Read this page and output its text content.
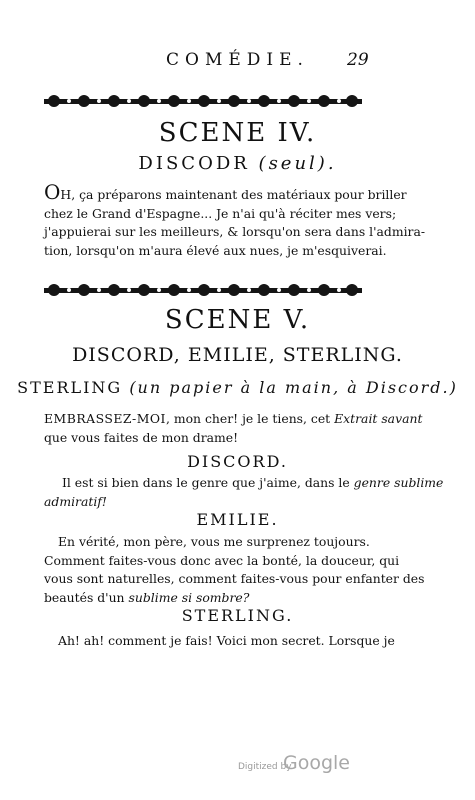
COMÉDIE.	29
SCENE IV.
DISCODR (seul).
OH, ça préparons maintenant des matériaux pour briller
chez le Grand d'Espagne... Je n'ai qu'à réciter mes vers;
j'appuierai sur les meilleurs, & lorsqu'on sera dans l'admira-
tion, lorsqu'on m'aura élevé aux nues, je m'esquiverai.
SCENE V.
DISCORD, EMILIE, STERLING.
STERLING (un papier à la main, à Discord.)
EMBRASSEZ-MOI, mon cher! je le tiens, cet Extrait savant
que vous faites de mon drame!
DISCORD.
Il est si bien dans le genre que j'aime, dans le genre sublime
admiratif!
EMILIE.
En vérité, mon père, vous me surprenez toujours.
Comment faites-vous donc avec la bonté, la douceur, qui
vous sont naturelles, comment faites-vous pour enfanter des
beautés d'un sublime si sombre?
STERLING.
Ah! ah! comment je fais! Voici mon secret. Lorsque je
Digitized by
Google
